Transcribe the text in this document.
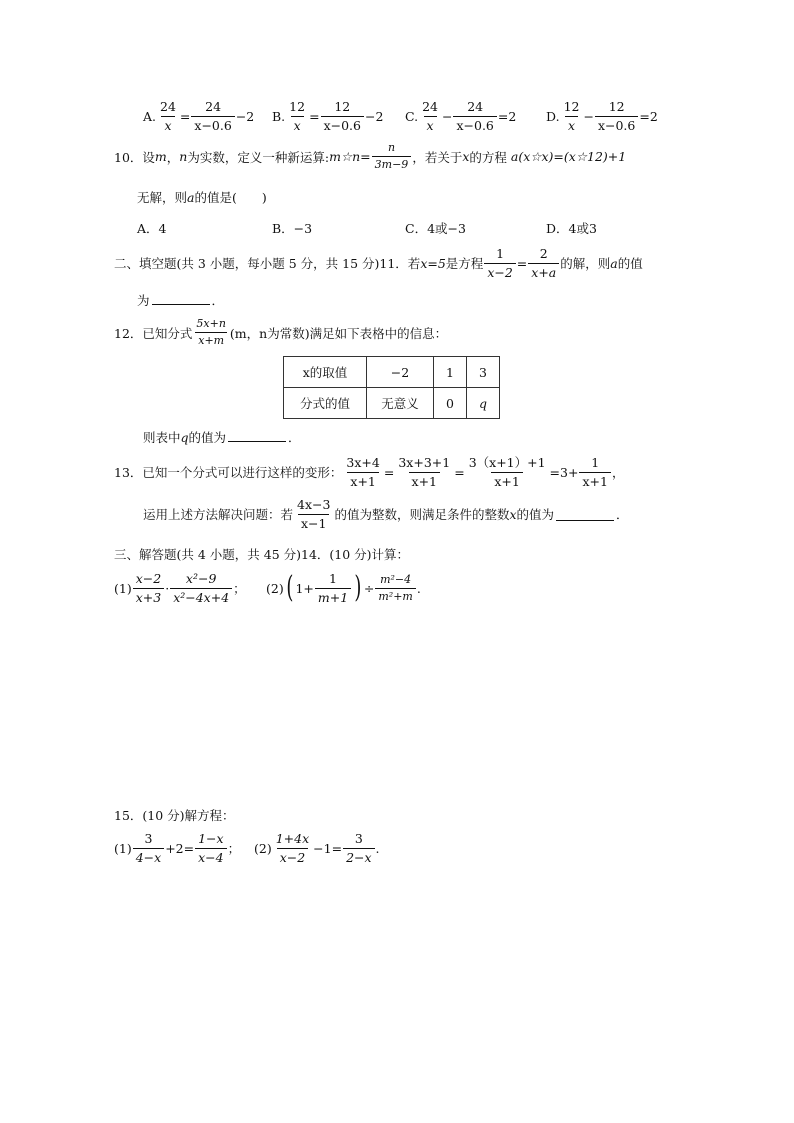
A. $\frac{24}{x} = \frac{24}{x-0.6} -2$ B. $\frac{12}{x} = \frac{12}{x-0.6} -2$ C. $\frac{24}{x} - \frac{24}{x-0.6} =2$ D. $\frac{12}{x} - \frac{12}{x-0.6} =2$
10．设 m ， n 为实数，定义一种新运算: m☆n= $\frac{n}{3m-9}$ ，若关于 x 的方程 a(x☆x)=(x☆12)+1
无解，则a的值是(　　)
A．4	B．−3	C．4或−3	D．4或3
二、填空题(共 3 小题，每小题 5 分，共 15 分) 11．若 x=5 是方程 $\frac{1}{x-2} = \frac{2}{x+a}$ 的解，则 a 的值
为	．
12．已知分式 $\frac{5x+n}{x+m} (m$，n为常数)满足如下表格中的信息：
x的取值	−2	1	3
分式的值	无意义	0	q
则表中q的值为	．
13．已知一个分式可以进行这样的变形： $\frac{3x+4}{x+1} = \frac{3x+3+1}{x+1} = \frac{3(x+1)+1}{x+1} =3+ \frac{1}{x+1}$ ，
运用上述方法解决问题：若 $\frac{4x-3}{x-1}$ 的值为整数，则满足条件的整数 x 的值为	．
三、解答题(共 4 小题，共 45 分)14．(10 分)计算：
$(1) \frac{x-2}{x+3} \cdot \frac{\text{x²−9}}{\text{x²−4x+4}}$ ； (2) ( $1+ \frac{1}{m+1}$ ) ÷ $\frac{\text{m²−4}}{\text{m²+m}}$ .
15．(10 分)解方程：
$(1) \frac{3}{4-x} +2= \frac{1-x}{x-4}$ ； $(2) \frac{1+4x}{x-2} -1= \frac{3}{2-x}$ .
